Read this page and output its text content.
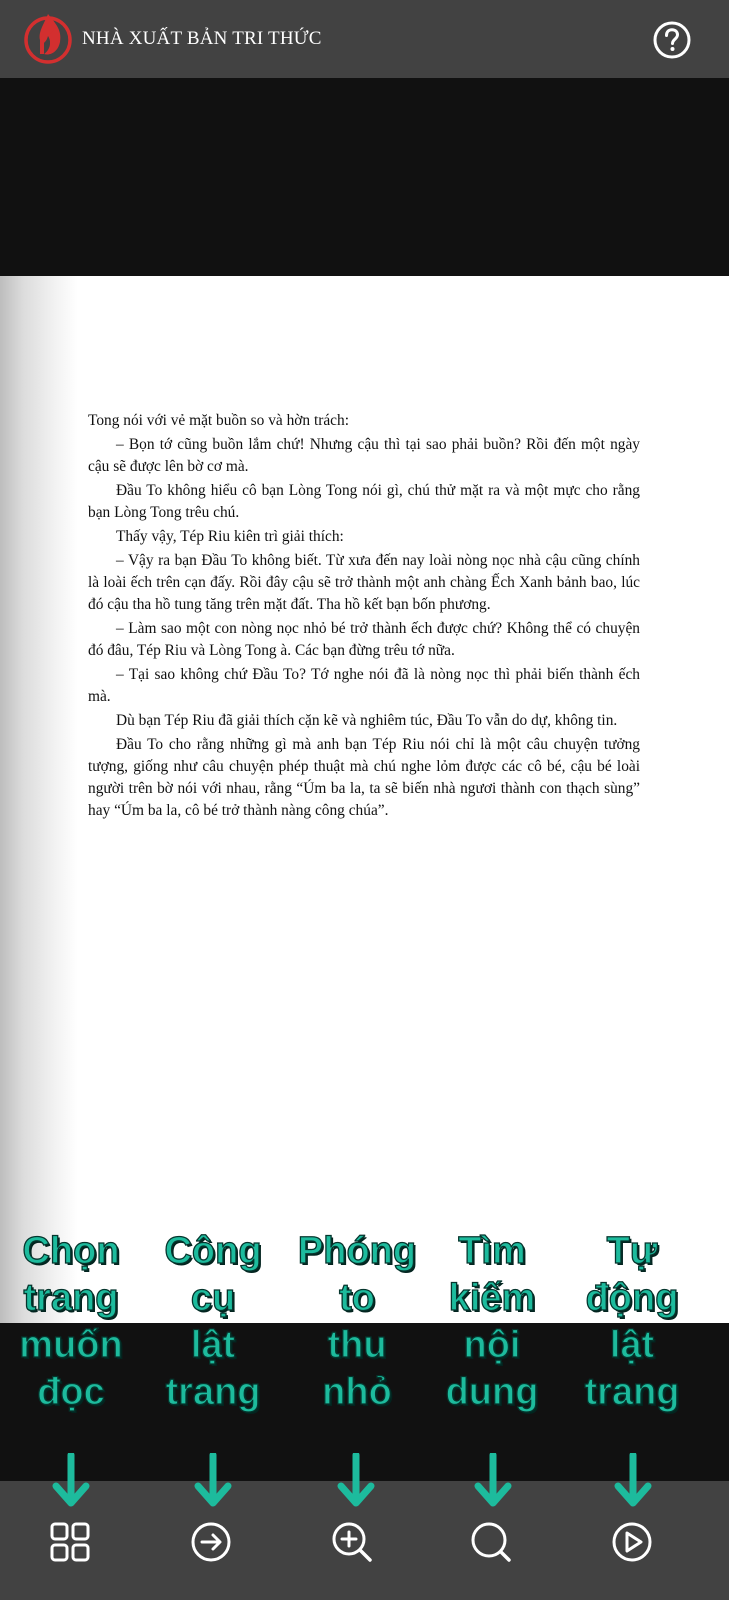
NHÀ XUẤT BẢN TRI THỨC

Tong nói với vẻ mặt buồn so và hờn trách:

– Bọn tớ cũng buồn lắm chứ! Nhưng cậu thì tại sao phải buồn? Rồi đến một ngày cậu sẽ được lên bờ cơ mà.

Đầu To không hiểu cô bạn Lòng Tong nói gì, chú thử mặt ra và một mực cho rằng bạn Lòng Tong trêu chú.

Thấy vậy, Tép Riu kiên trì giải thích:

– Vậy ra bạn Đầu To không biết. Từ xưa đến nay loài nòng nọc nhà cậu cũng chính là loài ếch trên cạn đấy. Rồi đây cậu sẽ trở thành một anh chàng Ếch Xanh bảnh bao, lúc đó cậu tha hồ tung tăng trên mặt đất. Tha hồ kết bạn bốn phương.

– Làm sao một con nòng nọc nhỏ bé trở thành ếch được chứ? Không thể có chuyện đó đâu, Tép Riu và Lòng Tong à. Các bạn đừng trêu tớ nữa.

– Tại sao không chứ Đầu To? Tớ nghe nói đã là nòng nọc thì phải biến thành ếch mà.

Dù bạn Tép Riu đã giải thích cặn kẽ và nghiêm túc, Đầu To vẫn do dự, không tin.

Đầu To cho rằng những gì mà anh bạn Tép Riu nói chỉ là một câu chuyện tưởng tượng, giống như câu chuyện phép thuật mà chú nghe lỏm được các cô bé, cậu bé loài người trên bờ nói với nhau, rằng “Úm ba la, ta sẽ biến nhà ngươi thành con thạch sùng” hay “Úm ba la, cô bé trở thành nàng công chúa”.

Chọn
trang
muốn
đọc
Công
cụ
lật
trang
Phóng
to
thu
nhỏ
Tìm
kiếm
nội
dung
Tự
động
lật
trang
